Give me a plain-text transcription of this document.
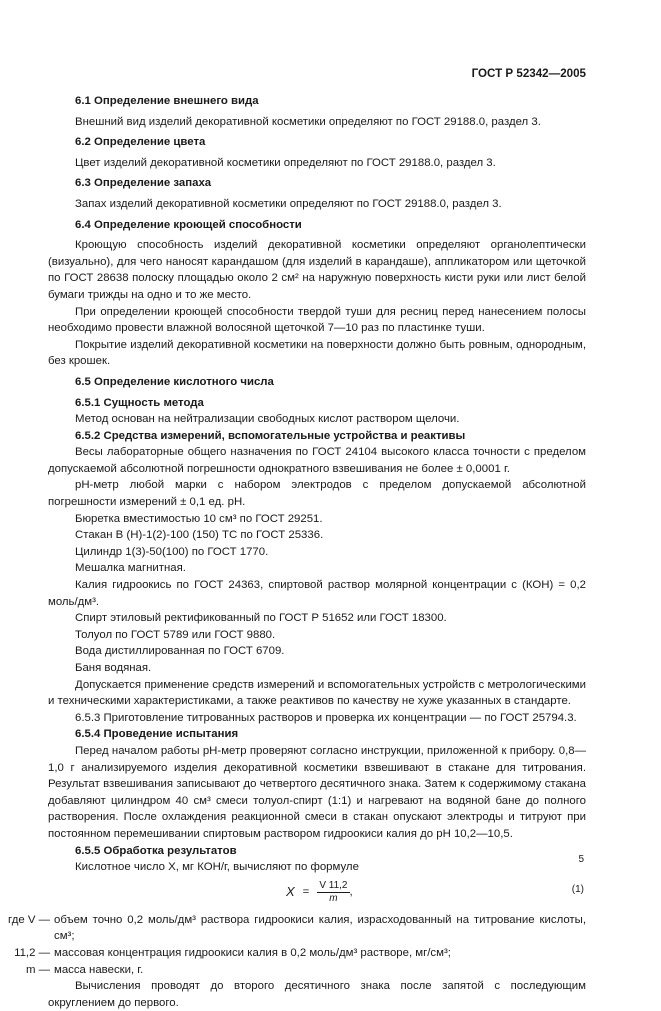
ГОСТ Р 52342—2005

6.1 Определение внешнего вида

Внешний вид изделий декоративной косметики определяют по ГОСТ 29188.0, раздел 3.

6.2 Определение цвета

Цвет изделий декоративной косметики определяют по ГОСТ 29188.0, раздел 3.

6.3 Определение запаха

Запах изделий декоративной косметики определяют по ГОСТ 29188.0, раздел 3.

6.4 Определение кроющей способности

Кроющую способность изделий декоративной косметики определяют органолептически (визуально), для чего наносят карандашом (для изделий в карандаше), аппликатором или щеточкой по ГОСТ 28638 полоску площадью около 2 см² на наружную поверхность кисти руки или лист белой бумаги трижды на одно и то же место.

При определении кроющей способности твердой туши для ресниц перед нанесением полосы необходимо провести влажной волосяной щеточкой 7—10 раз по пластинке туши.

Покрытие изделий декоративной косметики на поверхности должно быть ровным, однородным, без крошек.

6.5 Определение кислотного числа

6.5.1 Сущность метода

Метод основан на нейтрализации свободных кислот раствором щелочи.

6.5.2 Средства измерений, вспомогательные устройства и реактивы

Весы лабораторные общего назначения по ГОСТ 24104 высокого класса точности с пределом допускаемой абсолютной погрешности однократного взвешивания не более ± 0,0001 г.

pH-метр любой марки с набором электродов с пределом допускаемой абсолютной погрешности измерений ± 0,1 ед. pH.

Бюретка вместимостью 10 см³ по ГОСТ 29251.

Стакан В (Н)-1(2)-100 (150) ТС по ГОСТ 25336.

Цилиндр 1(3)-50(100) по ГОСТ 1770.

Мешалка магнитная.

Калия гидроокись по ГОСТ 24363, спиртовой раствор молярной концентрации c (КОН) = 0,2 моль/дм³.

Спирт этиловый ректификованный по ГОСТ Р 51652 или ГОСТ 18300.

Толуол по ГОСТ 5789 или ГОСТ 9880.

Вода дистиллированная по ГОСТ 6709.

Баня водяная.

Допускается применение средств измерений и вспомогательных устройств с метрологическими и техническими характеристиками, а также реактивов по качеству не хуже указанных в стандарте.

6.5.3 Приготовление титрованных растворов и проверка их концентрации — по ГОСТ 25794.3.

6.5.4 Проведение испытания

Перед началом работы pH-метр проверяют согласно инструкции, приложенной к прибору. 0,8—1,0 г анализируемого изделия декоративной косметики взвешивают в стакане для титрования. Результат взвешивания записывают до четвертого десятичного знака. Затем к содержимому стакана добавляют цилиндром 40 см³ смеси толуол-спирт (1:1) и нагревают на водяной бане до полного растворения. После охлаждения реакционной смеси в стакан опускают электроды и титруют при постоянном перемешивании спиртовым раствором гидроокиси калия до pH 10,2—10,5.

6.5.5 Обработка результатов

Кислотное число X, мг КОН/г, вычисляют по формуле

$X = \frac{V 11,2}{m}$ ,	(1)
где V — объем точно 0,2 моль/дм³ раствора гидроокиси калия, израсходованный на титрование кислоты, см³;
11,2 — массовая концентрация гидроокиси калия в 0,2 моль/дм³ растворе, мг/см³;
m — масса навески, г.

Вычисления проводят до второго десятичного знака после запятой с последующим округлением до первого.

5
